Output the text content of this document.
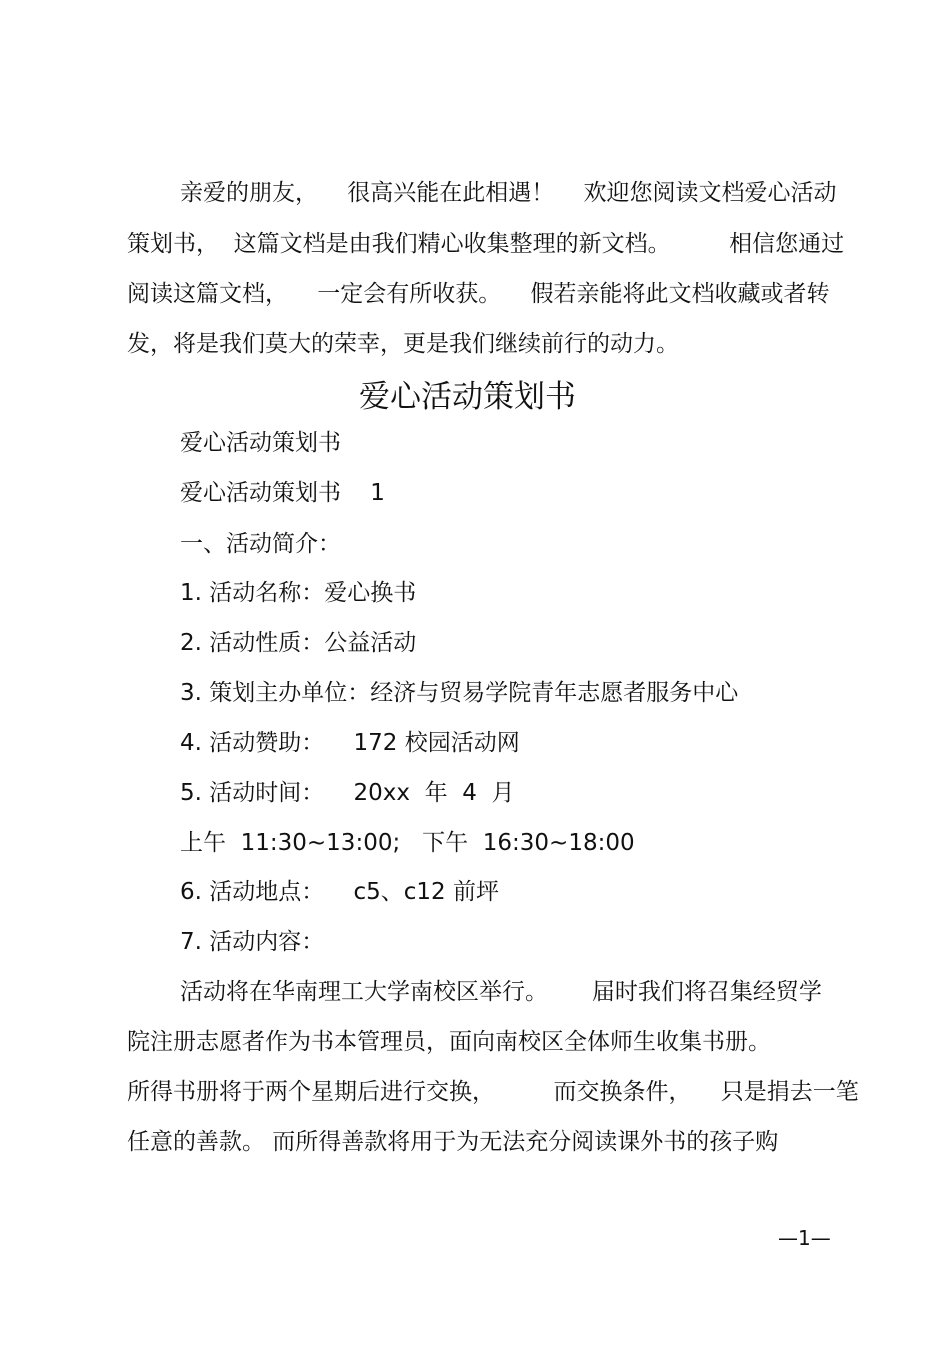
亲爱的朋友，    很高兴能在此相遇！    欢迎您阅读文档爱心活动

策划书，  这篇文档是由我们精心收集整理的新文档。        相信您通过

阅读这篇文档，    一定会有所收获。    假若亲能将此文档收藏或者转

发，将是我们莫大的荣幸，更是我们继续前行的动力。

爱心活动策划书

爱心活动策划书

爱心活动策划书    1

一、活动简介：

1. 活动名称：爱心换书

2. 活动性质：公益活动

3. 策划主办单位：经济与贸易学院青年志愿者服务中心

4. 活动赞助：    172 校园活动网

5. 活动时间：    20xx  年  4  月

上午  11:30~13:00;   下午  16:30~18:00

6. 活动地点：    c5、c12 前坪

7. 活动内容：

活动将在华南理工大学南校区举行。      届时我们将召集经贸学

院注册志愿者作为书本管理员，面向南校区全体师生收集书册。

所得书册将于两个星期后进行交换，        而交换条件，    只是捐去一笔

任意的善款。 而所得善款将用于为无法充分阅读课外书的孩子购

—1—
